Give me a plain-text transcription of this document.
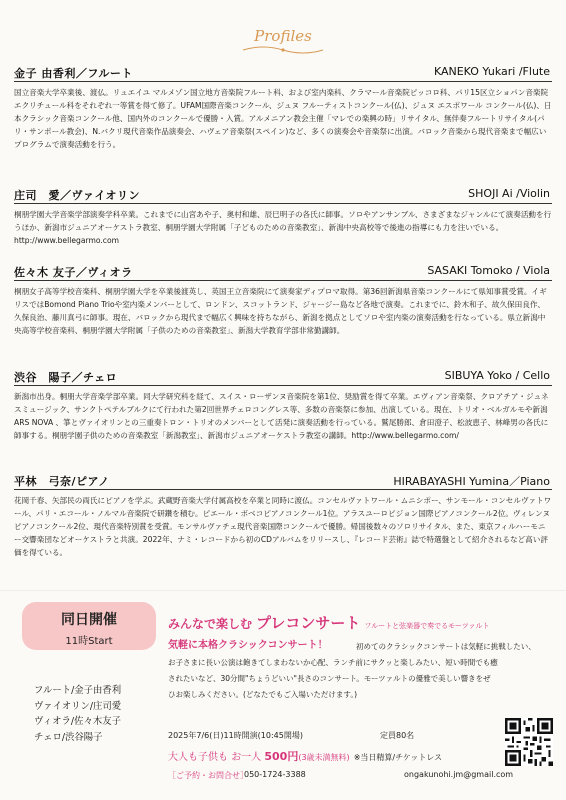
Profiles
金子 由香利／フルート	KANEKO Yukari /Flute
国立音楽大学卒業後、渡仏。リュエイユ マルメゾン国立地方音楽院フルート科、および室内楽科、クラマール音楽院ピッコロ科、パリ15区立ショパン音楽院エクリチュール科をそれぞれ一等賞を得て修了。UFAM国際音楽コンクール、ジュヌ フルーティストコンクール(仏)、ジュヌ エスポワール コンクール(仏)、日本クラシック音楽コンクール他、国内外のコンクールで優勝・入賞。アルメニアン教会主催「マレでの楽興の時」リサイタル、無伴奏フルートリサイタル(パリ・サンポール教会)、N.バクリ現代音楽作品演奏会、ハヴェア音楽祭(スペイン)など、多くの演奏会や音楽祭に出演。バロック音楽から現代音楽まで幅広いプログラムで演奏活動を行う。
庄司　愛／ヴァイオリン	SHOJI Ai /Violin
桐朋学園大学音楽学部演奏学科卒業。これまでに山宮あや子、奥村和雄、辰巳明子の各氏に師事。ソロやアンサンブル、さまざまなジャンルにて演奏活動を行うほか、新潟市ジュニアオーケストラ教室、桐朋学園大学附属「子どものための音楽教室」、新潟中央高校等で後進の指導にも力を注いでいる。http://www.bellegarmo.com
佐々木 友子／ヴィオラ	SASAKI Tomoko / Viola
桐朋女子高等学校音楽科、桐朋学園大学を卒業後渡英し、英国王立音楽院にて演奏家ディプロマ取得。第36回新潟県音楽コンクールにて県知事賞受賞。イギリスではBomond Piano Trioや室内楽メンバーとして、ロンドン、スコットランド、ジャージー島など各地で演奏。これまでに、鈴木和子、故久保田良作、久保良治、藤川真弓に師事。現在、バロックから現代まで幅広く興味を持ちながら、新潟を拠点としてソロや室内楽の演奏活動を行なっている。県立新潟中央高等学校音楽科、桐朋学園大学附属「子供のための音楽教室」、新潟大学教育学部非常勤講師。
渋谷　陽子／チェロ	SIBUYA Yoko / Cello
新潟市出身。桐朋大学音楽学部卒業。同大学研究科を経て、スイス・ローザンヌ音楽院を第1位、奨励賞を得て卒業。エヴィアン音楽祭、クロアチア・ジュネスミュージック、サンクトペテルブルクにて行われた第2回世界チェロコングレス等、多数の音楽祭に参加、出演している。現在、トリオ・ベルガルモや新潟 ARS NOVA 、箏とヴァイオリンとの三重奏トロン・トリオのメンバーとして活発に演奏活動を行っている。鷲尾勝郎、倉田澄子、松波恵子、林峰男の各氏に師事する。桐朋学園子供のための音楽教室「新潟教室」、新潟市ジュニアオーケストラ教室の講師。http://www.bellegarmo.com/
平林　弓奈/ピアノ	HIRABAYASHI Yumina／Piano
花岡千春、矢部民の両氏にピアノを学ぶ。武蔵野音楽大学付属高校を卒業と同時に渡仏。コンセルヴァトワール・ムニシポー、サンモール・コンセルヴァトワール、パリ・エコール・ノルマル音楽院で研鑽を積む。ピエール・ボベコピアノコンクール1位。アラスユーロピジョン国際ピアノコンクール2位。ヴィレンヌピアノコンクール2位、現代音楽特別賞を受賞。モンサルヴァチェ現代音楽国際コンクールで優勝。帰国後数々のソロリサイタル、また、東京フィルハーモニー交響楽団などオーケストラと共演。2022年、ナミ・レコードから初のCDアルバムをリリースし、『レコード芸術』誌で特選盤として紹介されるなど高い評価を得ている。
同日開催
11時Start
フルート/金子由香利
ヴァイオリン/庄司愛
ヴィオラ/佐々木友子
チェロ/渋谷陽子
みんなで楽しむ プレコンサート フルートと弦楽器で奏でるモーツァルト
気軽に本格クラシックコンサート！	初めてのクラシックコンサートは気軽に挑戦したい、
お子さまに長い公演は飽きてしまわないか心配、ランチ前にサクッと楽しみたい、短い時間でも癒されたいなど、30分間"ちょうどいい"長さのコンサート。モーツァルトの優雅で美しい響きをぜひお楽しみください。(どなたでもご入場いただけます。)
2025年7/6(日)11時開演(10:45開場)	定員80名
大人も子供も お一人 500円(3歳未満無料) ※当日精算/チケットレス
［ご予約・お問合せ］
050-1724-3388	ongakunohi.jm@gmail.com
